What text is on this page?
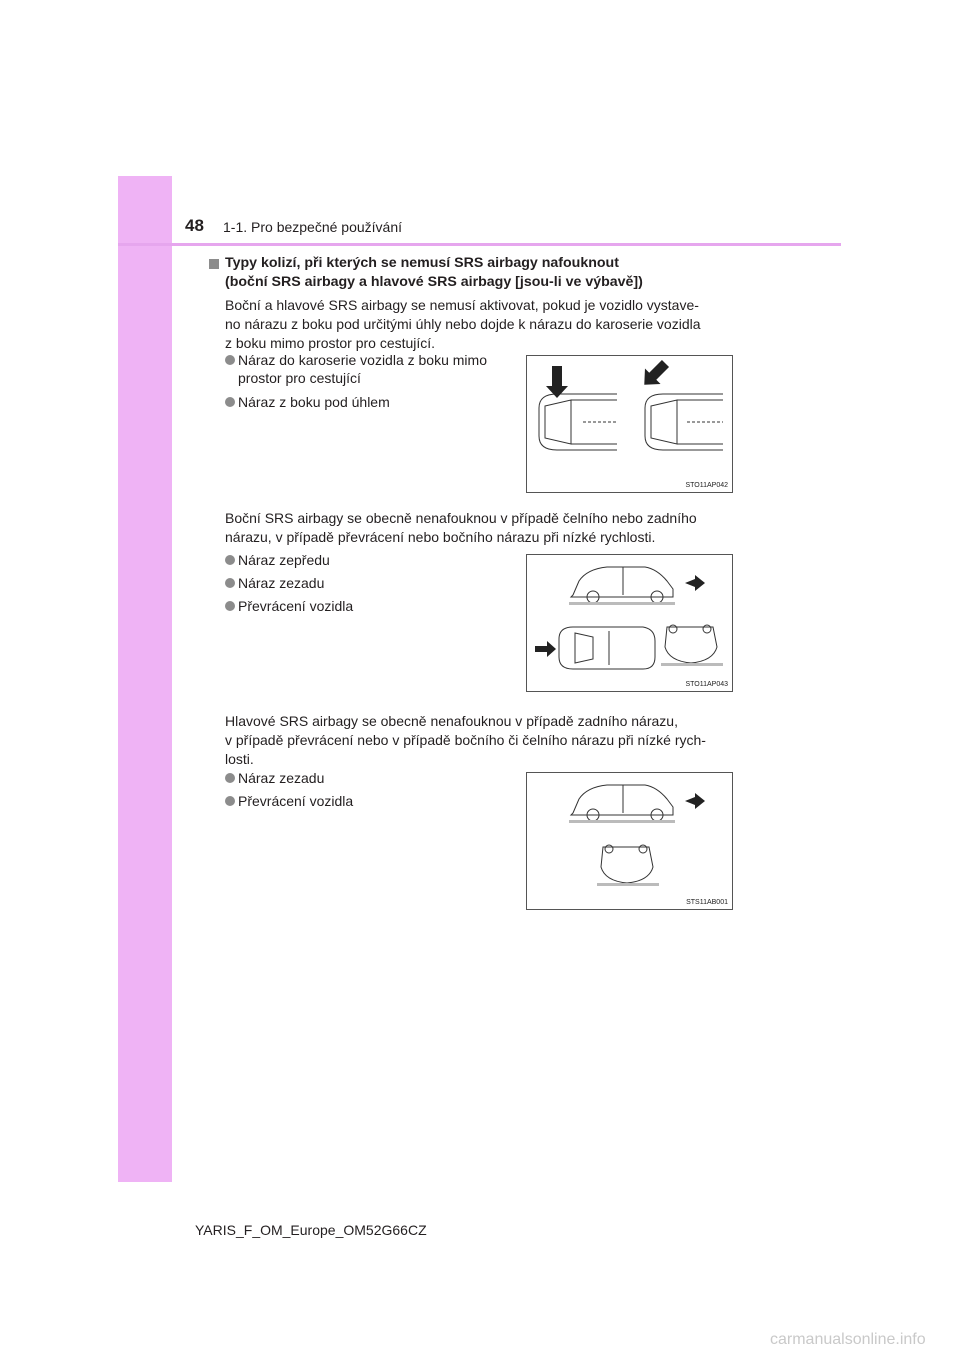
48 1-1. Pro bezpečné používání
Typy kolizí, při kterých se nemusí SRS airbagy nafouknout
(boční SRS airbagy a hlavové SRS airbagy [jsou-li ve výbavě])
Boční a hlavové SRS airbagy se nemusí aktivovat, pokud je vozidlo vystave-
no nárazu z boku pod určitými úhly nebo dojde k nárazu do karoserie vozidla
z boku mimo prostor pro cestující.
Náraz do karoserie vozidla z boku mimo prostor pro cestující
Náraz z boku pod úhlem
STO11AP042
Boční SRS airbagy se obecně nenafouknou v případě čelního nebo zadního
nárazu, v případě převrácení nebo bočního nárazu při nízké rychlosti.
Náraz zepředu
Náraz zezadu
Převrácení vozidla
STO11AP043
Hlavové SRS airbagy se obecně nenafouknou v případě zadního nárazu,
v případě převrácení nebo v případě bočního či čelního nárazu při nízké rych-
losti.
Náraz zezadu
Převrácení vozidla
STS11AB001
YARIS_F_OM_Europe_OM52G66CZ
carmanualsonline.info
